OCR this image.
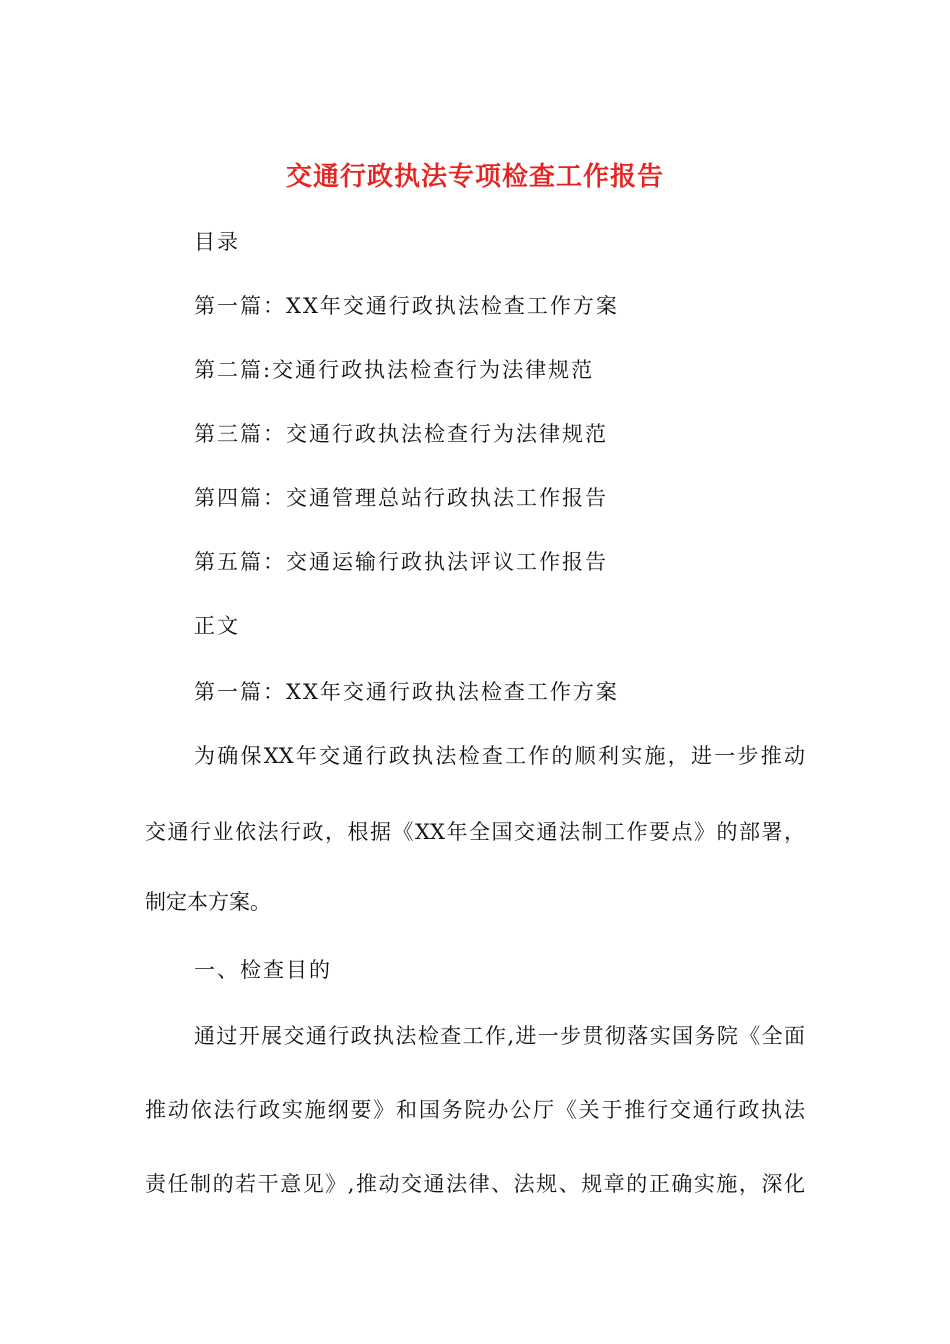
交通行政执法专项检查工作报告

目录

第一篇：XX年交通行政执法检查工作方案

第二篇:交通行政执法检查行为法律规范

第三篇：交通行政执法检查行为法律规范

第四篇：交通管理总站行政执法工作报告

第五篇：交通运输行政执法评议工作报告

正文

第一篇：XX年交通行政执法检查工作方案

为确保XX年交通行政执法检查工作的顺利实施，进一步推动

交通行业依法行政，根据《XX年全国交通法制工作要点》的部署，

制定本方案。

一、检查目的

通过开展交通行政执法检查工作,进一步贯彻落实国务院《全面

推动依法行政实施纲要》和国务院办公厅《关于推行交通行政执法

责任制的若干意见》,推动交通法律、法规、规章的正确实施，深化
